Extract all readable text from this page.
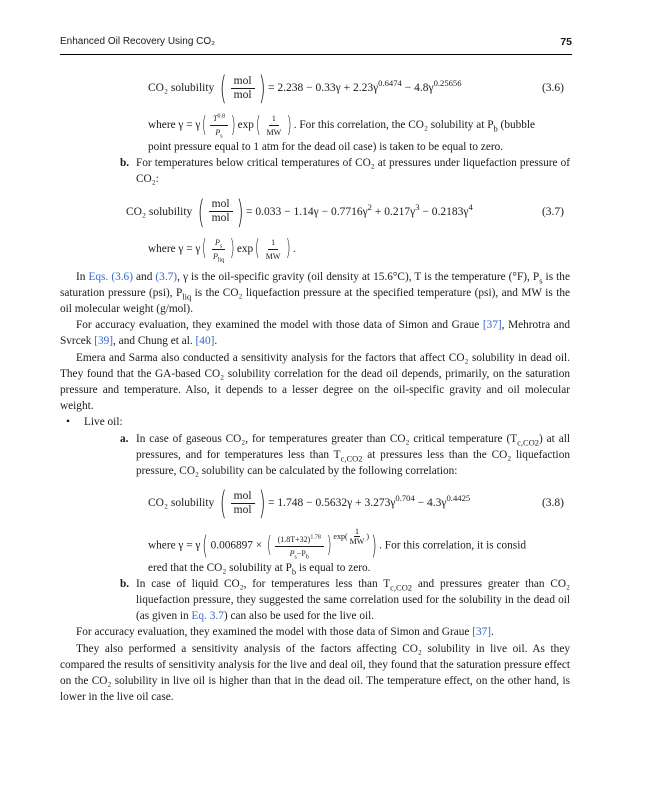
Enhanced Oil Recovery Using CO₂	75
CO₂ solubility
( $\frac{\text{mol}}{\text{mol}}$ ) = $2.238 - 0.33\gamma + 2.23\gamma^{0.6474} - 4.8\gamma^{0.25656}$	(3.6)
where $\gamma = \gamma( \frac{T^{0.8}}{P_s}$ ) $\exp( \frac{1}{MW}$ ) . For this correlation, the CO₂ solubility at $P_b$ (bubble

point pressure equal to 1 atm for the dead oil case) is taken to be equal to zero.

b. For temperatures below critical temperatures of CO₂ at pressures under liquefaction pressure of CO₂:

CO₂ solubility
( $\frac{\text{mol}}{\text{mol}}$ ) = $0.033 - 1.14\gamma - 0.7716\gamma^2 + 0.217\gamma^3 - 0.2183\gamma^4$	(3.7)
where $\gamma = \gamma( \frac{P_s}{P_{liq}}$ ) $\exp( \frac{1}{MW}$ ) .

In Eqs. (3.6) and (3.7), γ is the oil-specific gravity (oil density at 15.6°C), T is the temperature (°F), $P_s$ is the saturation pressure (psi), $P_{liq}$ is the CO₂ liquefaction pressure at the specified temperature (psi), and MW is the oil molecular weight (g/mol).

For accuracy evaluation, they examined the model with those data of Simon and Graue [37], Mehrotra and Svrcek [39], and Chung et al. [40].

Emera and Sarma also conducted a sensitivity analysis for the factors that affect CO₂ solubility in dead oil. They found that the GA-based CO₂ solubility correlation for the dead oil depends, primarily, on the saturation pressure and temperature. Also, it depends to a lesser degree on the oil-specific gravity and oil molecular weight.

• Live oil:

a. In case of gaseous CO₂, for temperatures greater than CO₂ critical temperature $(T_{c,CO2})$ at all pressures, and for temperatures less than $T_{c,CO2}$ at pressures less than the CO₂ liquefaction pressure, CO₂ solubility can be calculated by the following correlation:

CO₂ solubility
( $\frac{\text{mol}}{\text{mol}}$ ) = $1.748 - 0.5632\gamma + 3.273\gamma^{0.704} - 4.3\gamma^{0.4425}$	(3.8)
where γ = γ( 0.006897 × ( $\frac{(1.8T+32)^{1.78}}{P_s-P_b}$ ) $^{exp( \frac{1}{MW} )}$) . For this correlation, it is consid

ered that the CO₂ solubility at $P_b$ is equal to zero.

b. In case of liquid CO₂, for temperatures less than $T_{c,CO2}$ and pressures greater than CO₂ liquefaction pressure, they suggested the same correlation used for the solubility in the dead oil (as given in Eq. 3.7) can also be used for the live oil.

For accuracy evaluation, they examined the model with those data of Simon and Graue [37].

They also performed a sensitivity analysis of the factors affecting CO₂ solubility in live oil. As they compared the results of sensitivity analysis for the live and deal oil, they found that the saturation pressure effect on the CO₂ solubility in live oil is higher than that in the dead oil. The temperature effect, on the other hand, is lower in the live oil case.
